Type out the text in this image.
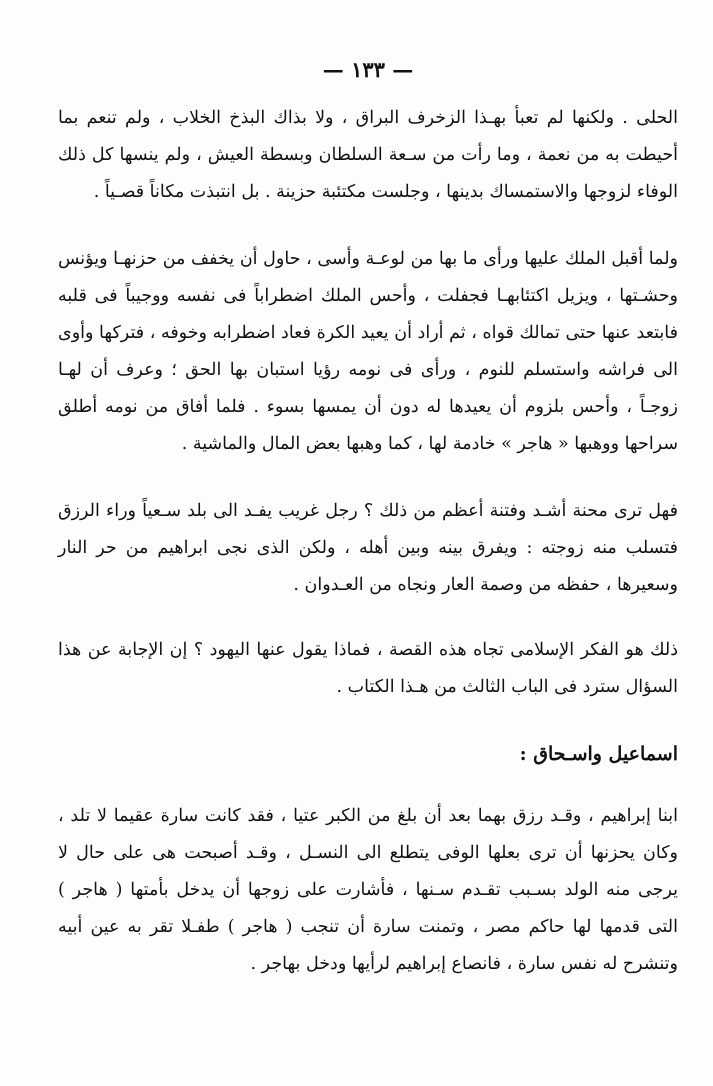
— ١٣٣ —

الحلى . ولكنها لم تعبأ بهـذا الزخرف البراق ، ولا بذاك البذخ الخلاب ، ولم تنعم بما أحيطت به من نعمة ، وما رأت من سـعة السلطان وبسطة العيش ، ولم ينسها كل ذلك الوفاء لزوجها والاستمساك بدينها ، وجلست مكتئبة حزينة . بل انتبذت مكاناً قصـياً .

ولما أقبل الملك عليها ورأى ما بها من لوعـة وأسى ، حاول أن يخفف من حزنهـا ويؤنس وحشـتها ، ويزيل اكتئابهـا فجفلت ، وأحس الملك اضطراباً فى نفسه ووجيباً فى قلبه فابتعد عنها حتى تمالك قواه ، ثم أراد أن يعيد الكرة فعاد اضطرابه وخوفه ، فتركها وأوى الى فراشه واستسلم للنوم ، ورأى فى نومه رؤيا استبان بها الحق ؛ وعرف أن لهـا زوجـاً ، وأحس بلزوم أن يعيدها له دون أن يمسها بسوء . فلما أفاق من نومه أطلق سراحها ووهبها « هاجر » خادمة لها ، كما وهبها بعض المال والماشية .

فهل ترى محنة أشـد وفتنة أعظم من ذلك ؟ رجل غريب يفـد الى بلد سـعياً وراء الرزق فتسلب منه زوجته : ويفرق بينه وبين أهله ، ولكن الذى نجى ابراهيم من حر النار وسعيرها ، حفظه من وصمة العار ونجاه من العـدوان .

ذلك هو الفكر الإسلامى تجاه هذه القصة ، فماذا يقول عنها اليهود ؟ إن الإجابة عن هذا السؤال سترد فى الباب الثالث من هـذا الكتاب .

اسماعيل واسـحاق :

ابنا إبراهيم ، وقـد رزق بهما بعد أن بلغ من الكبر عتيا ، فقد كانت سارة عقيما لا تلد ، وكان يحزنها أن ترى بعلها الوفى يتطلع الى النسـل ، وقـد أصبحت هى على حال لا يرجى منه الولد بسـبب تقـدم سـنها ، فأشارت على زوجها أن يدخل بأمتها ( هاجر ) التى قدمها لها حاكم مصر ، وتمنت سارة أن تنجب ( هاجر ) طفـلا تقر به عين أبيه وتنشرح له نفس سارة ، فانصاع إبراهيم لرأيها ودخل بهاجر .
